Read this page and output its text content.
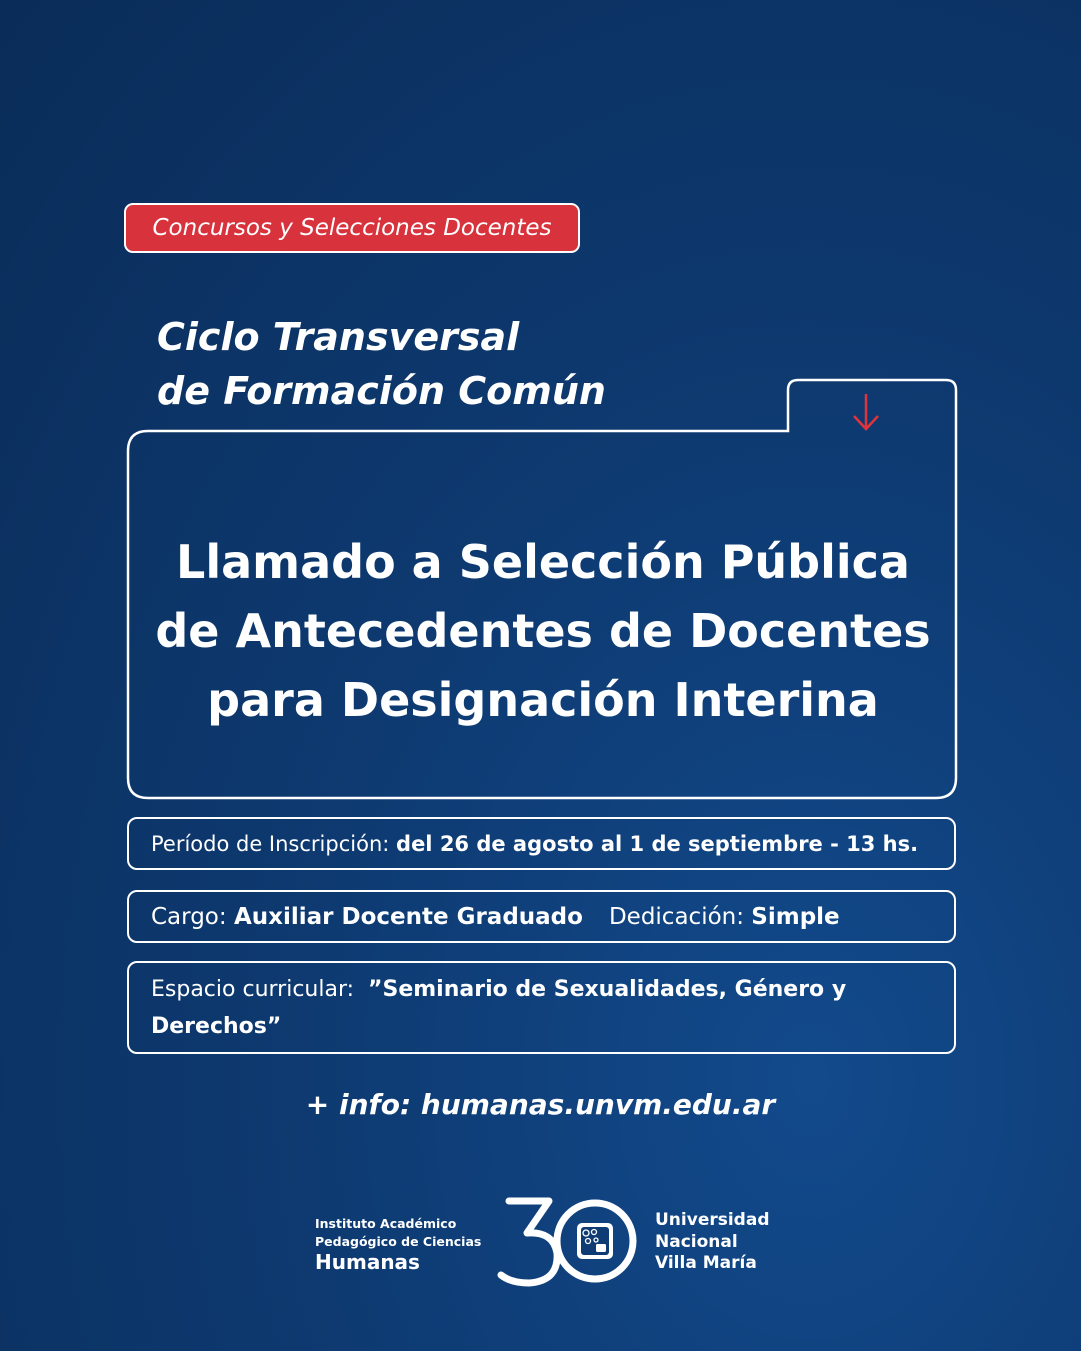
Concursos y Selecciones Docentes
Ciclo Transversal
de Formación Común
Llamado a Selección Pública
de Antecedentes de Docentes
para Designación Interina
Período de Inscripción:
del 26 de agosto al 1 de septiembre - 13 hs.
Cargo:
Auxiliar Docente Graduado Dedicación:
Simple
Espacio curricular: ”Seminario de Sexualidades, Género y Derechos”
+ info: humanas.unvm.edu.ar
Instituto Académico
Pedagógico de Ciencias
Humanas
Universidad
Nacional
Villa María
